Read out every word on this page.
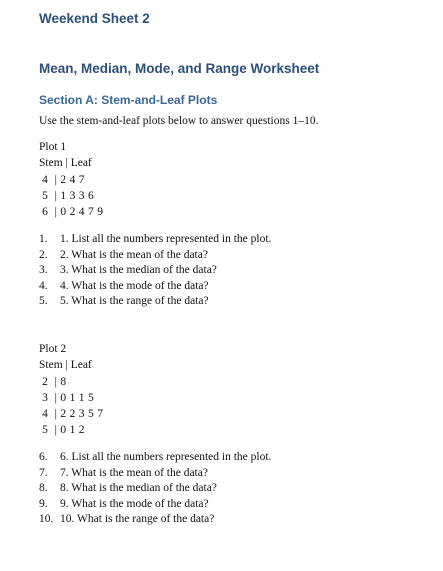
Weekend Sheet 2
Mean, Median, Mode, and Range Worksheet
Section A: Stem-and-Leaf Plots
Use the stem-and-leaf plots below to answer questions 1–10.
Plot 1
Stem | Leaf
4  | 2 4 7
5  | 1 3 3 6
6  | 0 2 4 7 9
1. 1. List all the numbers represented in the plot.
2. 2. What is the mean of the data?
3. 3. What is the median of the data?
4. 4. What is the mode of the data?
5. 5. What is the range of the data?
Plot 2
Stem | Leaf
2  | 8
3  | 0 1 1 5
4  | 2 2 3 5 7
5  | 0 1 2
6. 6. List all the numbers represented in the plot.
7. 7. What is the mean of the data?
8. 8. What is the median of the data?
9. 9. What is the mode of the data?
10. 10. What is the range of the data?
